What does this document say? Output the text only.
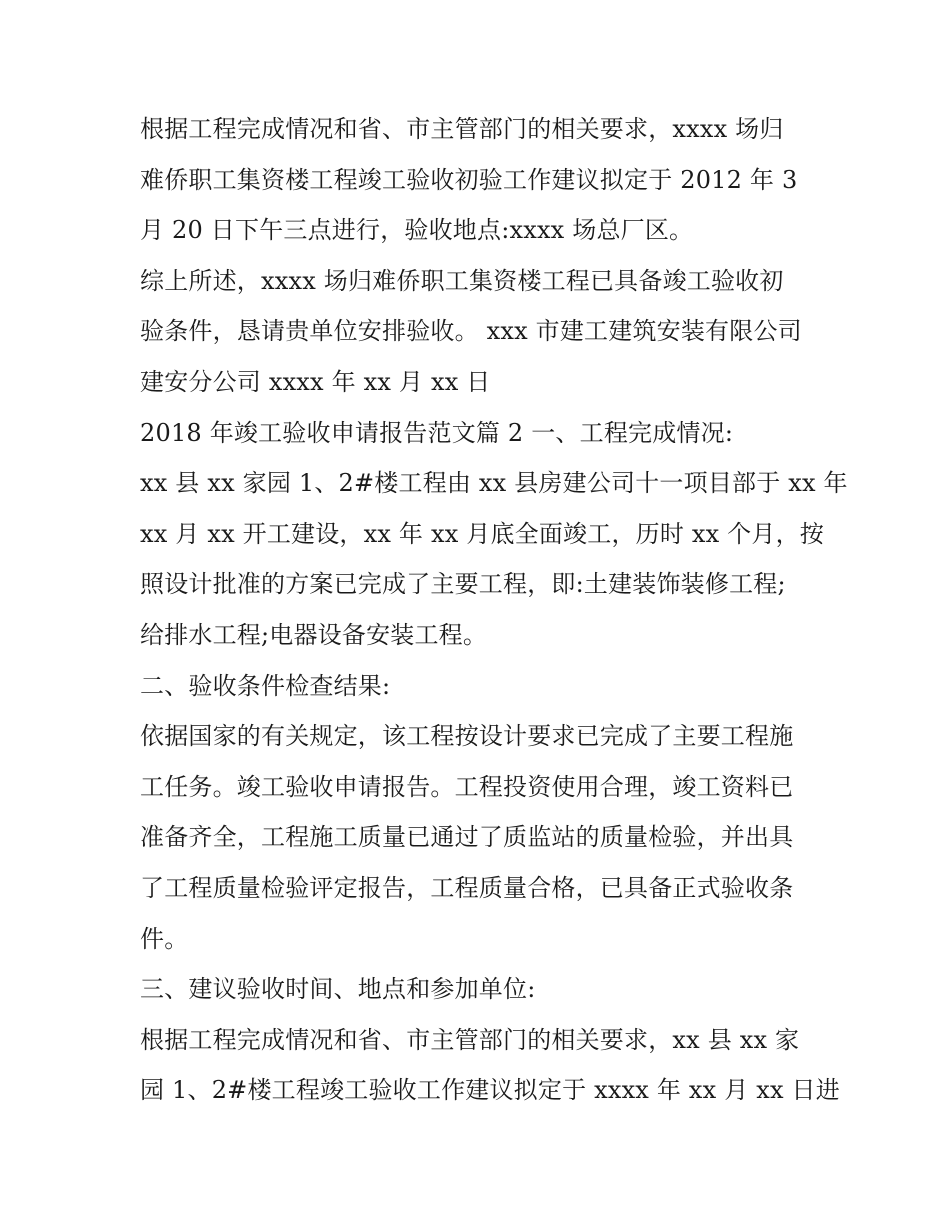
根据工程完成情况和省、市主管部门的相关要求，xxxx 场归
难侨职工集资楼工程竣工验收初验工作建议拟定于 2012 年 3
月 20 日下午三点进行，验收地点:xxxx 场总厂区。
综上所述，xxxx 场归难侨职工集资楼工程已具备竣工验收初
验条件，恳请贵单位安排验收。 xxx 市建工建筑安装有限公司
建安分公司 xxxx 年 xx 月 xx 日
2018 年竣工验收申请报告范文篇 2 一、工程完成情况:
xx 县 xx 家园 1、2#楼工程由 xx 县房建公司十一项目部于 xx 年
xx 月 xx 开工建设，xx 年 xx 月底全面竣工，历时 xx 个月，按
照设计批准的方案已完成了主要工程，即:土建装饰装修工程;
给排水工程;电器设备安装工程。
二、验收条件检查结果:
依据国家的有关规定，该工程按设计要求已完成了主要工程施
工任务。竣工验收申请报告。工程投资使用合理，竣工资料已
准备齐全，工程施工质量已通过了质监站的质量检验，并出具
了工程质量检验评定报告，工程质量合格，已具备正式验收条
件。
三、建议验收时间、地点和参加单位:
根据工程完成情况和省、市主管部门的相关要求，xx 县 xx 家
园 1、2#楼工程竣工验收工作建议拟定于 xxxx 年 xx 月 xx 日进
